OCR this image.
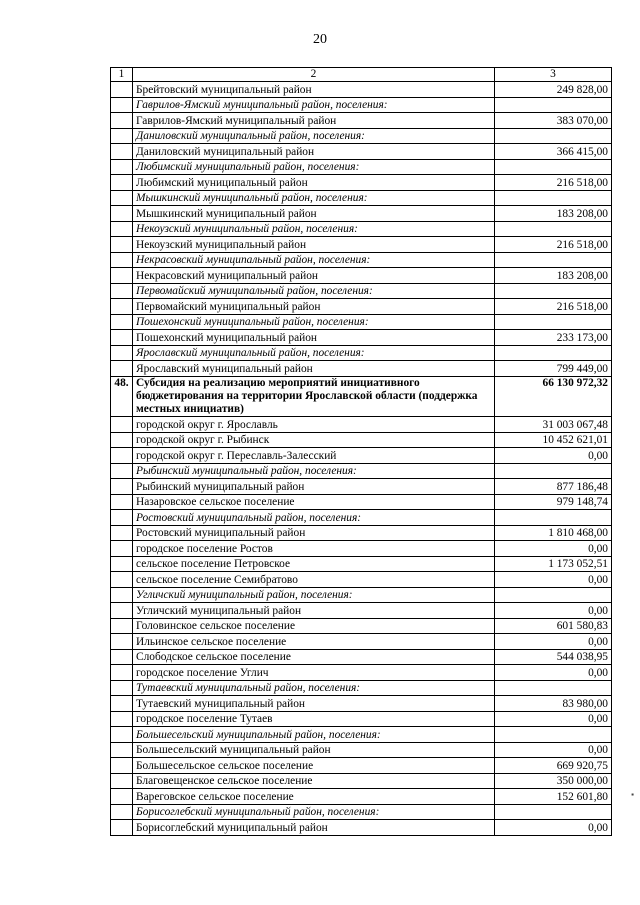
20
1	2	3
	Брейтовский муниципальный район	249 828,00
	Гаврилов-Ямский муниципальный район, поселения:	
	Гаврилов-Ямский муниципальный район	383 070,00
	Даниловский муниципальный район, поселения:	
	Даниловский муниципальный район	366 415,00
	Любимский муниципальный район, поселения:	
	Любимский муниципальный район	216 518,00
	Мышкинский муниципальный район, поселения:	
	Мышкинский муниципальный район	183 208,00
	Некоузский муниципальный район, поселения:	
	Некоузский муниципальный район	216 518,00
	Некрасовский муниципальный район, поселения:	
	Некрасовский муниципальный район	183 208,00
	Первомайский муниципальный район, поселения:	
	Первомайский муниципальный район	216 518,00
	Пошехонский муниципальный район, поселения:	
	Пошехонский муниципальный район	233 173,00
	Ярославский муниципальный район, поселения:	
	Ярославский муниципальный район	799 449,00
48.	Субсидия на реализацию мероприятий инициативного бюджетирования на территории Ярославской области (поддержка местных инициатив)	66 130 972,32
	городской округ г. Ярославль	31 003 067,48
	городской округ г. Рыбинск	10 452 621,01
	городской округ г. Переславль-Залесский	0,00
	Рыбинский муниципальный район, поселения:	
	Рыбинский муниципальный район	877 186,48
	Назаровское сельское поселение	979 148,74
	Ростовский муниципальный район, поселения:	
	Ростовский муниципальный район	1 810 468,00
	городское поселение Ростов	0,00
	сельское поселение Петровское	1 173 052,51
	сельское поселение Семибратово	0,00
	Угличский муниципальный район, поселения:	
	Угличский муниципальный район	0,00
	Головинское сельское поселение	601 580,83
	Ильинское сельское поселение	0,00
	Слободское сельское поселение	544 038,95
	городское поселение Углич	0,00
	Тутаевский муниципальный район, поселения:	
	Тутаевский муниципальный район	83 980,00
	городское поселение Тутаев	0,00
	Большесельский муниципальный район, поселения:	
	Большесельский муниципальный район	0,00
	Большесельское сельское поселение	669 920,75
	Благовещенское сельское поселение	350 000,00
	Вареговское сельское поселение	152 601,80
	Борисоглебский муниципальный район, поселения:	
	Борисоглебский муниципальный район	0,00
▪
